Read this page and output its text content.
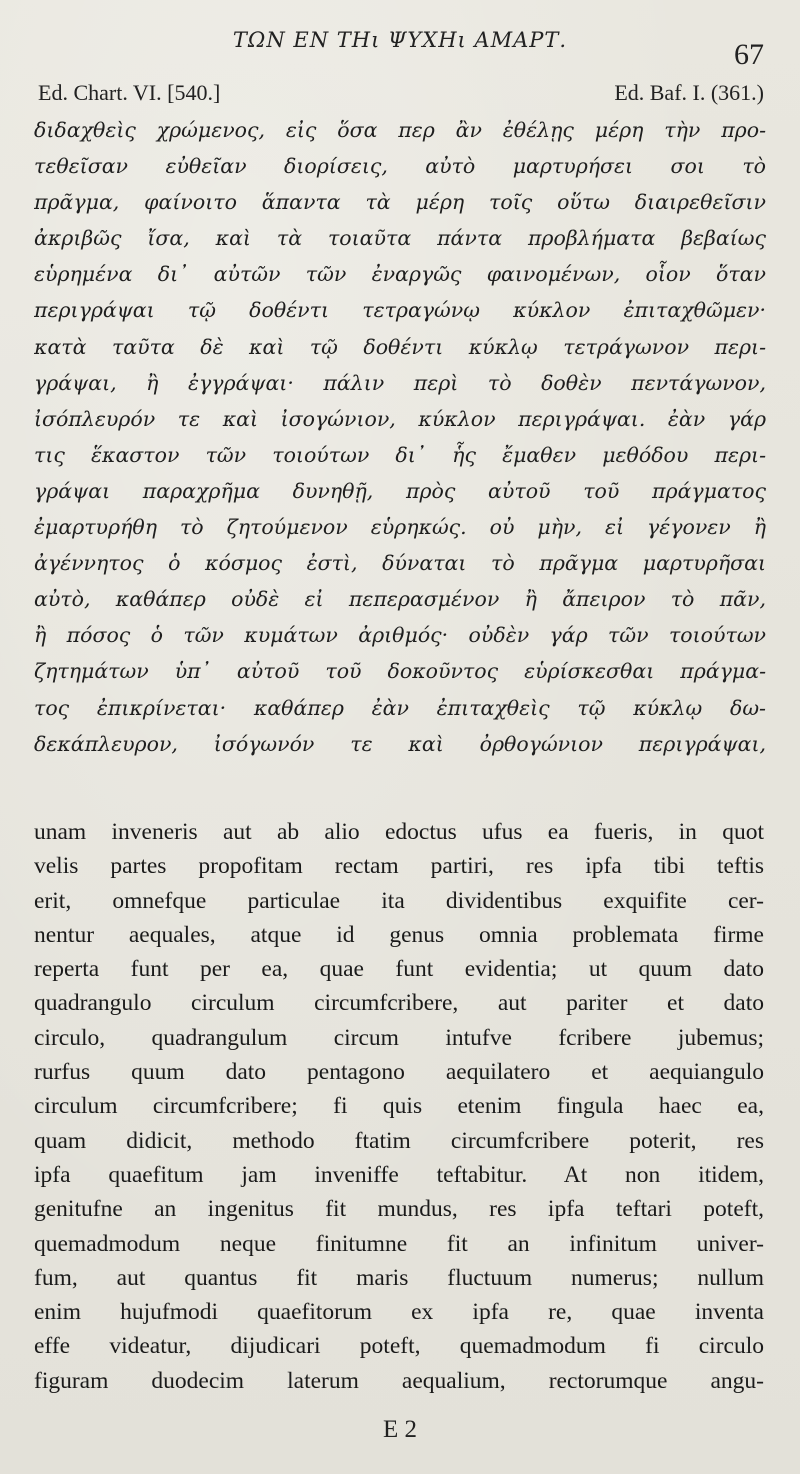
ΤΩΝ ΕΝ ΤΗι ΨΥΧΗι ΑΜΑΡΤ.	67
Ed. Chart. VI. [540.]	Ed. Baf. I. (361.)
διδαχθεὶς χρώμενος, εἰς ὅσα περ ἂν ἐθέλῃς μέρη τὴν προ-
τεθεῖσαν εὐθεῖαν διορίσεις, αὐτὸ μαρτυρήσει σοι τὸ
πρᾶγμα, φαίνοιτο ἅπαντα τὰ μέρη τοῖς οὕτω διαιρεθεῖσιν
ἀκριβῶς ἴσα, καὶ τὰ τοιαῦτα πάντα προβλήματα βεβαίως
εὑρημένα δι᾽ αὐτῶν τῶν ἐναργῶς φαινομένων, οἷον ὅταν
περιγράψαι τῷ δοθέντι τετραγώνῳ κύκλον ἐπιταχθῶμεν·
κατὰ ταῦτα δὲ καὶ τῷ δοθέντι κύκλῳ τετράγωνον περι-
γράψαι, ἢ ἐγγράψαι· πάλιν περὶ τὸ δοθὲν πεντάγωνον,
ἰσόπλευρόν τε καὶ ἰσογώνιον, κύκλον περιγράψαι. ἐὰν γάρ
τις ἕκαστον τῶν τοιούτων δι᾽ ἧς ἔμαθεν μεθόδου περι-
γράψαι παραχρῆμα δυνηθῇ, πρὸς αὐτοῦ τοῦ πράγματος
ἐμαρτυρήθη τὸ ζητούμενον εὑρηκώς. οὐ μὴν, εἰ γέγονεν ἢ
ἀγέννητος ὁ κόσμος ἐστὶ, δύναται τὸ πρᾶγμα μαρτυρῆσαι
αὐτὸ, καθάπερ οὐδὲ εἰ πεπερασμένον ἢ ἄπειρον τὸ πᾶν,
ἢ πόσος ὁ τῶν κυμάτων ἀριθμός· οὐδὲν γάρ τῶν τοιούτων
ζητημάτων ὑπ᾽ αὐτοῦ τοῦ δοκοῦντος εὑρίσκεσθαι πράγμα-
τος ἐπικρίνεται· καθάπερ ἐὰν ἐπιταχθεὶς τῷ κύκλῳ δω-
δεκάπλευρον, ἰσόγωνόν τε καὶ ὀρθογώνιον περιγράψαι,
unam inveneris aut ab alio edoctus ufus ea fueris, in quot
velis partes propofitam rectam partiri, res ipfa tibi teftis
erit, omnefque particulae ita dividentibus exquifite cer-
nentur aequales, atque id genus omnia problemata firme
reperta funt per ea, quae funt evidentia; ut quum dato
quadrangulo circulum circumfcribere, aut pariter et dato
circulo, quadrangulum circum intufve fcribere jubemus;
rurfus quum dato pentagono aequilatero et aequiangulo
circulum circumfcribere; fi quis etenim fingula haec ea,
quam didicit, methodo ftatim circumfcribere poterit, res
ipfa quaefitum jam inveniffe teftabitur. At non itidem,
genitufne an ingenitus fit mundus, res ipfa teftari poteft,
quemadmodum neque finitumne fit an infinitum univer-
fum, aut quantus fit maris fluctuum numerus; nullum
enim hujufmodi quaefitorum ex ipfa re, quae inventa
effe videatur, dijudicari poteft, quemadmodum fi circulo
figuram duodecim laterum aequalium, rectorumque angu-
E 2
